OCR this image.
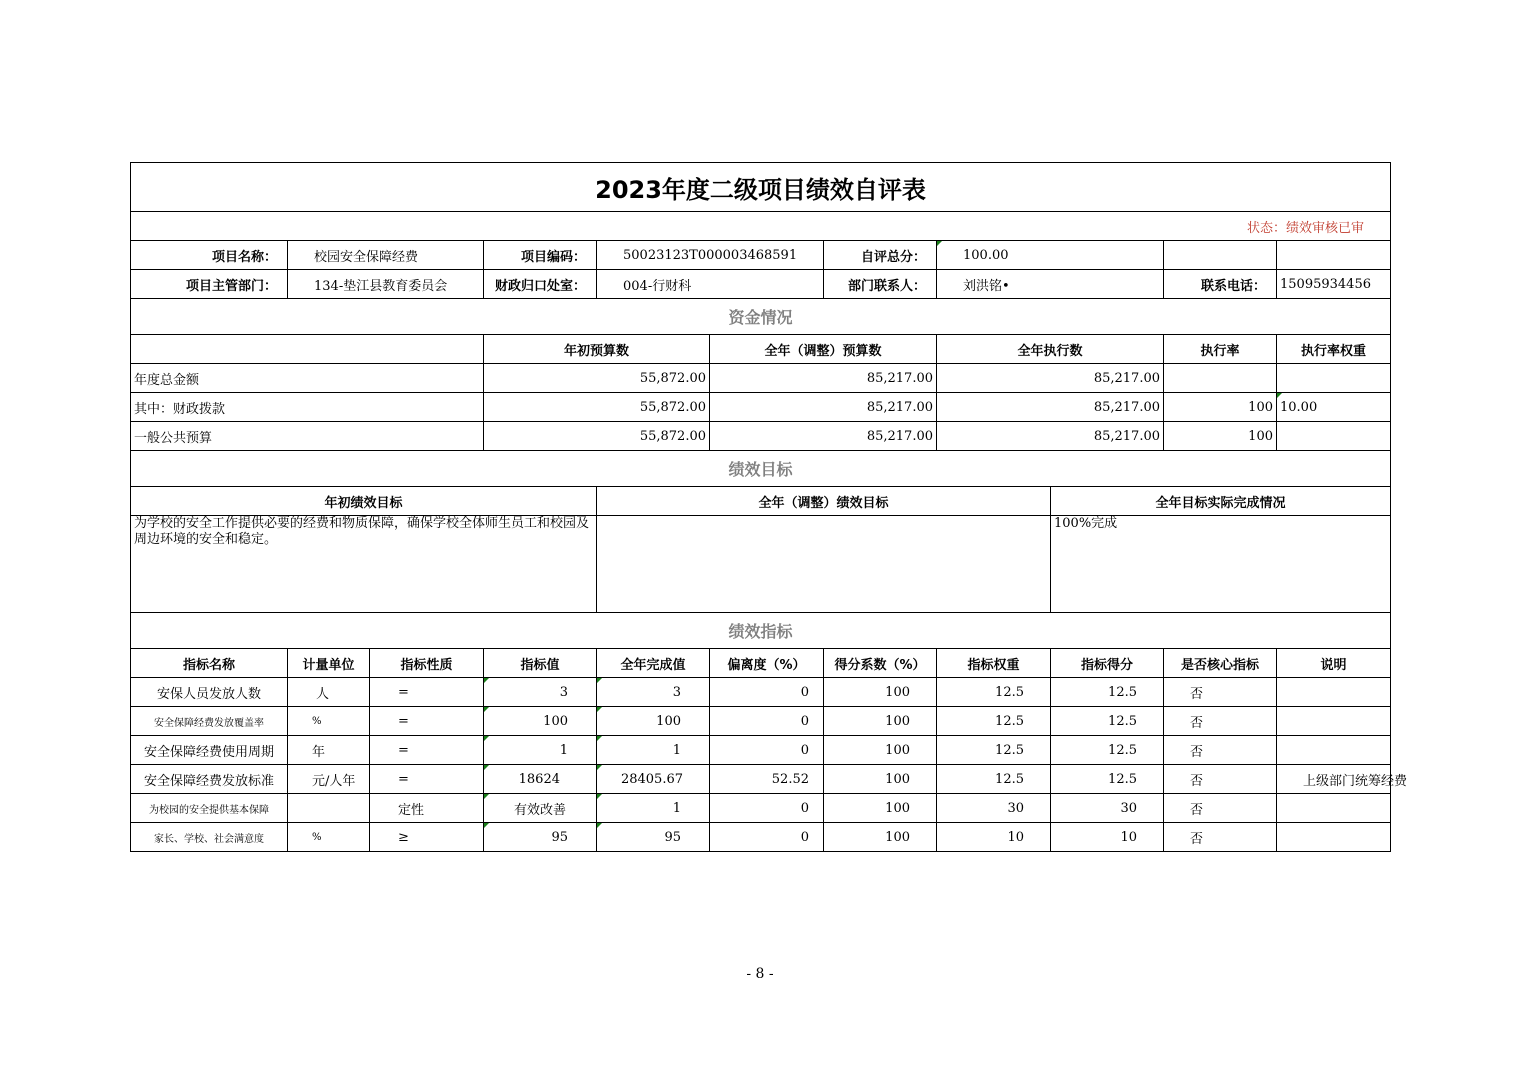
2023年度二级项目绩效自评表											
状态：绩效审核已审											
项目名称：	校园安全保障经费		项目编码：	50023123T000003468591		自评总分：	100.00				
项目主管部门：	134-垫江县教育委员会		财政归口处室：	004-行财科		部门联系人：	刘洪铭•		联系电话：	15095934456	
资金情况											
			年初预算数		全年（调整）预算数		全年执行数		执行率	执行率权重	
年度总金额			55,872.00		85,217.00		85,217.00				
其中：财政拨款			55,872.00		85,217.00		85,217.00		100	10.00	
一般公共预算			55,872.00		85,217.00		85,217.00		100		
绩效目标											
年初绩效目标				全年（调整）绩效目标				全年目标实际完成情况			
为学校的安全工作提供必要的经费和物质保障，确保学校全体师生员工和校园及周边环境的安全和稳定。								100%完成			
绩效指标											
指标名称	计量单位	指标性质	指标值	全年完成值	偏离度（%）	得分系数（%）	指标权重	指标得分	是否核心指标	说明	
安保人员发放人数	人	=	3	3	0	100	12.5	12.5	否		
安全保障经费发放覆盖率	%	=	100	100	0	100	12.5	12.5	否		
安全保障经费使用周期	年	=	1	1	0	100	12.5	12.5	否		
安全保障经费发放标准	元/人年	=	18624	28405.67	52.52	100	12.5	12.5	否	上级部门统筹经费	
为校园的安全提供基本保障		定性	有效改善	1	0	100	30	30	否		
家长、学校、社会满意度	%	≥	95	95	0	100	10	10	否		
- 8 -
